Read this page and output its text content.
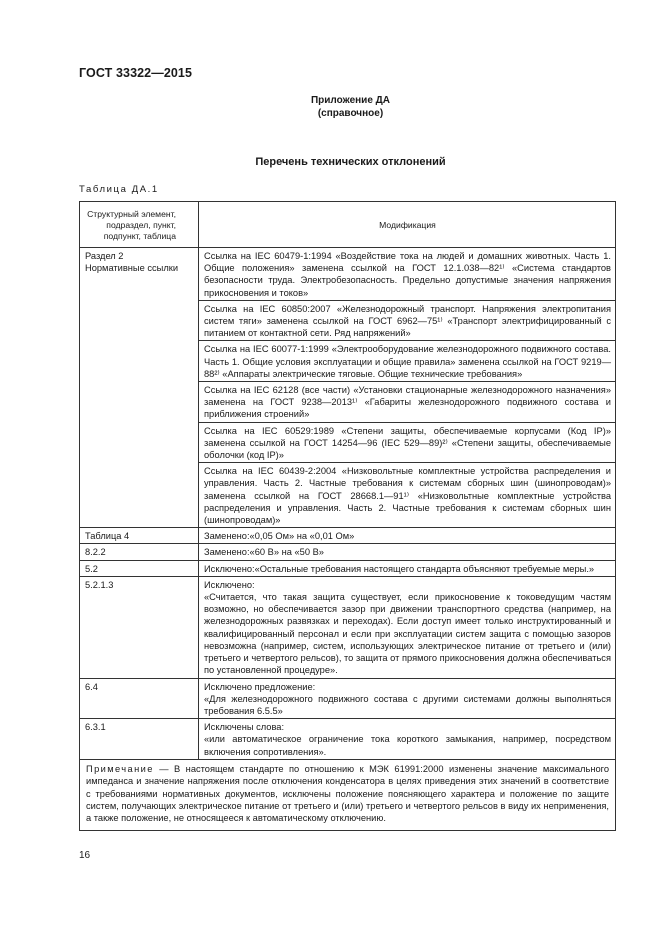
ГОСТ 33322—2015
Приложение ДА
(справочное)
Перечень технических отклонений
Таблица ДА.1
Структурный элемент, подраздел, пункт, подпункт, таблица	Модификация
Раздел 2
Нормативные ссылки	Ссылка на IEC 60479-1:1994 «Воздействие тока на людей и домашних животных. Часть 1. Общие положения» заменена ссылкой на ГОСТ 12.1.038—82¹⁾ «Система стандартов безопасности труда. Электробезопасность. Предельно допустимые значения напряжения прикосновения и токов»
	Ссылка на IEC 60850:2007 «Железнодорожный транспорт. Напряжения электропитания систем тяги» заменена ссылкой на ГОСТ 6962—75¹⁾ «Транспорт электрифицированный с питанием от контактной сети. Ряд напряжений»
	Ссылка на IEC 60077-1:1999 «Электрооборудование железнодорожного подвижного состава. Часть 1. Общие условия эксплуатации и общие правила» заменена ссылкой на ГОСТ 9219—88²⁾ «Аппараты электрические тяговые. Общие технические требования»
	Ссылка на IEC 62128 (все части) «Установки стационарные железнодорожного назначения» заменена на ГОСТ 9238—2013¹⁾ «Габариты железнодорожного подвижного состава и приближения строений»
	Ссылка на IEC 60529:1989 «Степени защиты, обеспечиваемые корпусами (Код IP)» заменена ссылкой на ГОСТ 14254—96 (IEC 529—89)²⁾ «Степени защиты, обеспечиваемые оболочки (код IP)»
	Ссылка на IEC 60439-2:2004 «Низковольтные комплектные устройства распределения и управления. Часть 2. Частные требования к системам сборных шин (шинопроводам)» заменена ссылкой на ГОСТ 28668.1—91¹⁾ «Низковольтные комплектные устройства распределения и управления. Часть 2. Частные требования к системам сборных шин (шинопроводам)»
Таблица 4	Заменено:«0,05 Ом» на «0,01 Ом»
8.2.2	Заменено:«60 В» на «50 В»
5.2	Исключено:«Остальные требования настоящего стандарта объясняют требуемые меры.»
5.2.1.3	Исключено:
«Считается, что такая защита существует, если прикосновение к токоведущим частям возможно, но обеспечивается зазор при движении транспортного средства (например, на железнодорожных развязках и переходах). Если доступ имеет только инструктированный и квалифицированный персонал и если при эксплуатации систем защита с помощью зазоров невозможна (например, систем, использующих электрическое питание от третьего и (или) третьего и четвертого рельсов), то защита от прямого прикосновения должна обеспечиваться по установленной процедуре».
6.4	Исключено предложение:
«Для железнодорожного подвижного состава с другими системами должны выполняться требования 6.5.5»
6.3.1	Исключены слова:
«или автоматическое ограничение тока короткого замыкания, например, посредством включения сопротивления».
Примечание — В настоящем стандарте по отношению к МЭК 61991:2000 изменены значение максимального импеданса и значение напряжения после отключения конденсатора в целях приведения этих значений в соответствие с требованиями нормативных документов, исключены положение поясняющего характера и положение по защите систем, получающих электрическое питание от третьего и (или) третьего и четвертого рельсов в виду их неприменения, а также положение, не относящееся к автоматическому отключению.	
16
